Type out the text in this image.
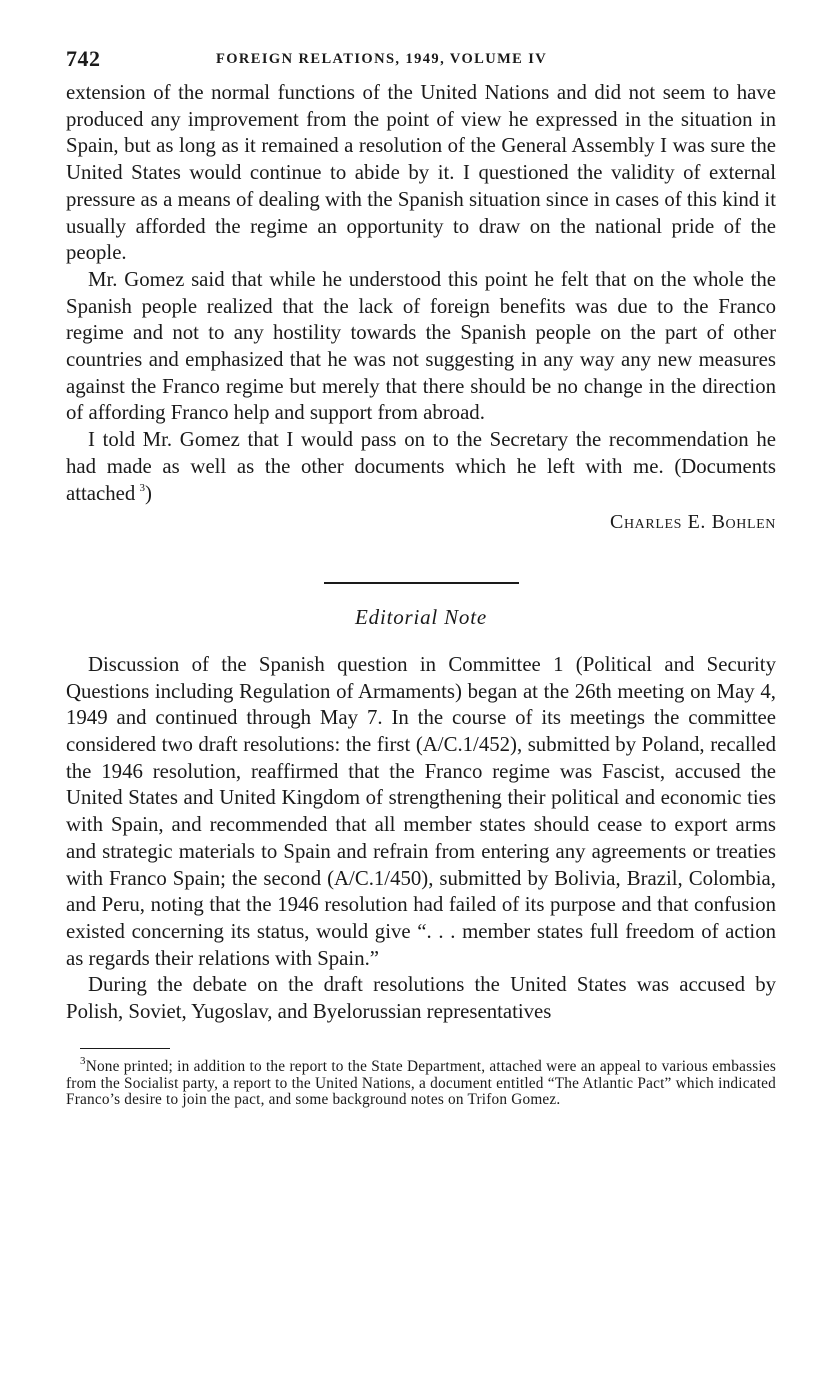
742	FOREIGN RELATIONS, 1949, VOLUME IV

extension of the normal functions of the United Nations and did not seem to have produced any improvement from the point of view he expressed in the situation in Spain, but as long as it remained a resolution of the General Assembly I was sure the United States would continue to abide by it. I questioned the validity of external pressure as a means of dealing with the Spanish situation since in cases of this kind it usually afforded the regime an opportunity to draw on the national pride of the people.

Mr. Gomez said that while he understood this point he felt that on the whole the Spanish people realized that the lack of foreign benefits was due to the Franco regime and not to any hostility towards the Spanish people on the part of other countries and emphasized that he was not suggesting in any way any new measures against the Franco regime but merely that there should be no change in the direction of affording Franco help and support from abroad.

I told Mr. Gomez that I would pass on to the Secretary the recommendation he had made as well as the other documents which he left with me. (Documents attached  $^3$)

Charles E. Bohlen

Editorial Note

Discussion of the Spanish question in Committee 1 (Political and Security Questions including Regulation of Armaments) began at the 26th meeting on May 4, 1949 and continued through May 7. In the course of its meetings the committee considered two draft resolutions: the first (A/C.1/452), submitted by Poland, recalled the 1946 resolution, reaffirmed that the Franco regime was Fascist, accused the United States and United Kingdom of strengthening their political and economic ties with Spain, and recommended that all member states should cease to export arms and strategic materials to Spain and refrain from entering any agreements or treaties with Franco Spain; the second (A/C.1/450), submitted by Bolivia, Brazil, Colombia, and Peru, noting that the 1946 resolution had failed of its purpose and that confusion existed concerning its status, would give “. . . member states full freedom of action as regards their relations with Spain.”

During the debate on the draft resolutions the United States was accused by Polish, Soviet, Yugoslav, and Byelorussian representatives

$^3$None printed; in addition to the report to the State Department, attached were an appeal to various embassies from the Socialist party, a report to the United Nations, a document entitled “The Atlantic Pact” which indicated Franco’s desire to join the pact, and some background notes on Trifon Gomez.
